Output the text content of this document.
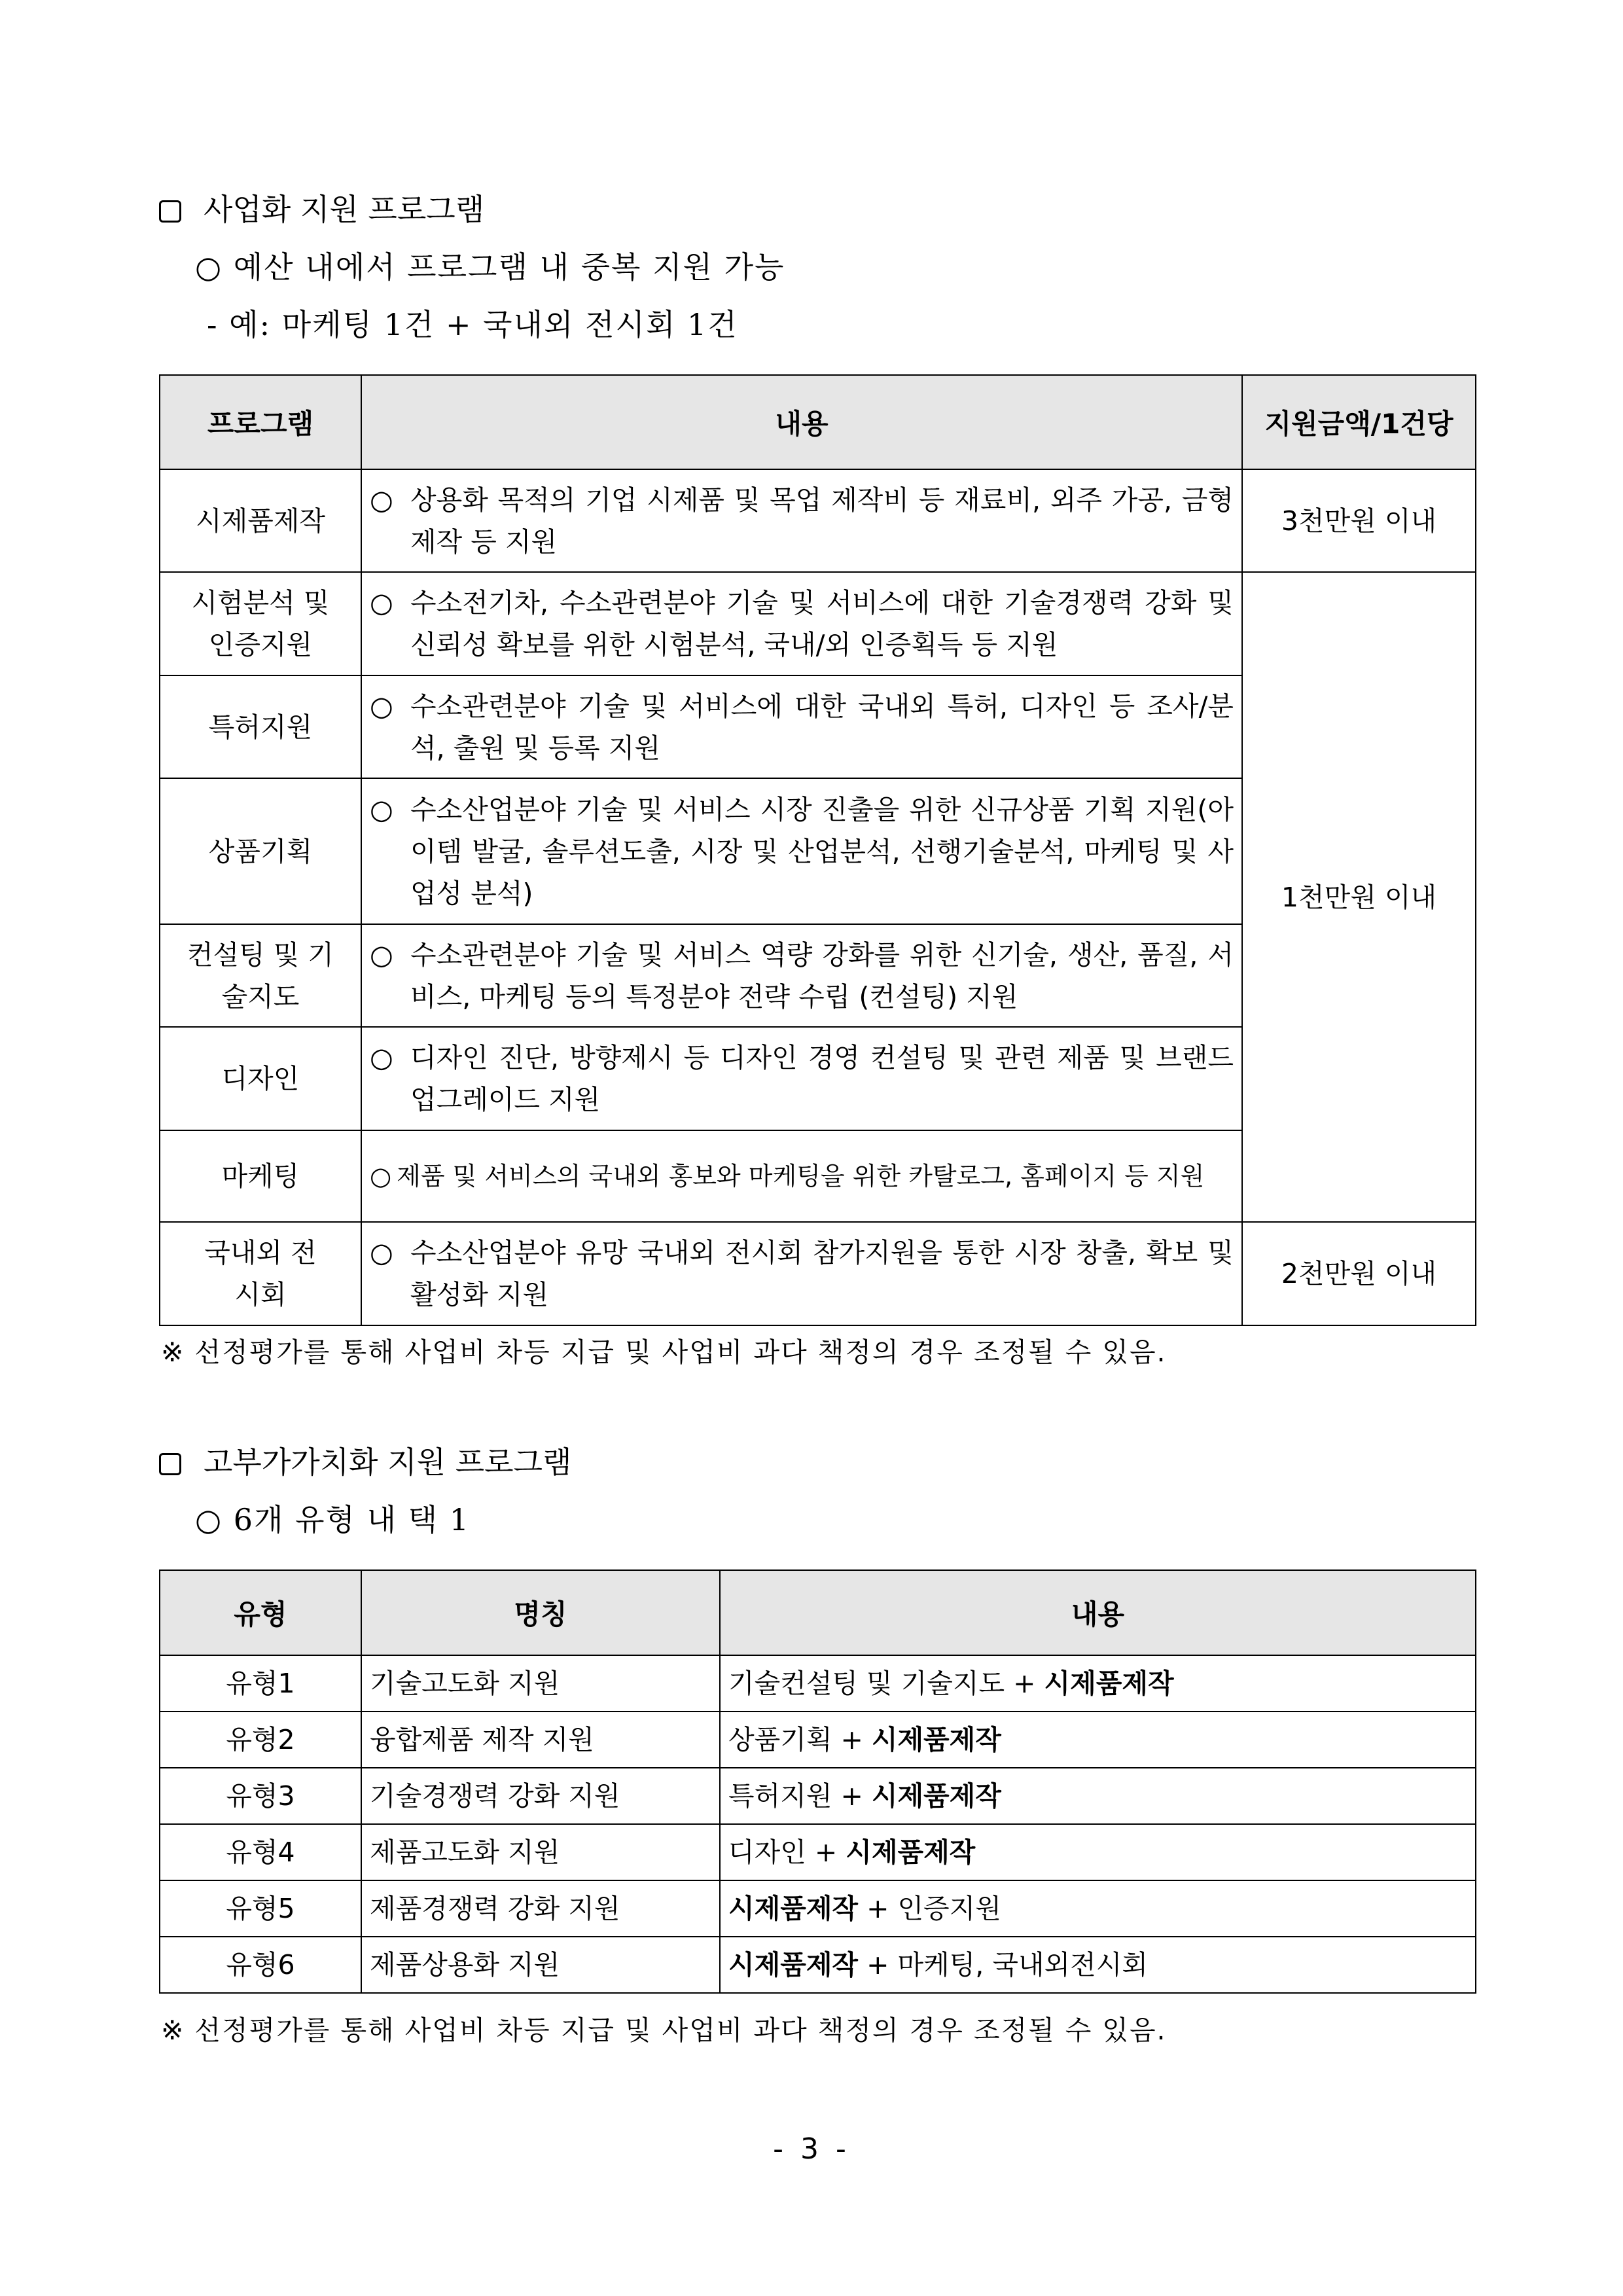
사업화 지원 프로그램
○ 예산 내에서 프로그램 내 중복 지원 가능
- 예: 마케팅 1건 + 국내외 전시회 1건
프로그램	내용	지원금액/1건당
시제품제작	○ 상용화 목적의 기업 시제품 및 목업 제작비 등 재료비, 외주 가공, 금형 제작 등 지원	3천만원 이내
시험분석 및 인증지원	○ 수소전기차, 수소관련분야 기술 및 서비스에 대한 기술경쟁력 강화 및 신뢰성 확보를 위한 시험분석, 국내/외 인증획득 등 지원	1천만원 이내
특허지원	○ 수소관련분야 기술 및 서비스에 대한 국내외 특허, 디자인 등 조사/분석, 출원 및 등록 지원	

상품기획	○ 수소산업분야 기술 및 서비스 시장 진출을 위한 신규상품 기획 지원(아이템 발굴, 솔루션도출, 시장 및 산업분석, 선행기술분석, 마케팅 및 사업성 분석)	

컨설팅 및 기술지도	○ 수소관련분야 기술 및 서비스 역량 강화를 위한 신기술, 생산, 품질, 서비스, 마케팅 등의 특정분야 전략 수립 (컨설팅) 지원	

디자인	○ 디자인 진단, 방향제시 등 디자인 경영 컨설팅 및 관련 제품 및 브랜드 업그레이드 지원	

마케팅	○ 제품 및 서비스의 국내외 홍보와 마케팅을 위한 카탈로그, 홈페이지 등 지원	

국내외 전시회	○ 수소산업분야 유망 국내외 전시회 참가지원을 통한 시장 창출, 확보 및 활성화 지원	2천만원 이내
※ 선정평가를 통해 사업비 차등 지급 및 사업비 과다 책정의 경우 조정될 수 있음.
고부가가치화 지원 프로그램
○ 6개 유형 내 택 1
유형	명칭	내용
유형1	기술고도화 지원	기술컨설팅 및 기술지도 + 시제품제작
유형2	융합제품 제작 지원	상품기획 + 시제품제작
유형3	기술경쟁력 강화 지원	특허지원 + 시제품제작
유형4	제품고도화 지원	디자인 + 시제품제작
유형5	제품경쟁력 강화 지원	시제품제작 + 인증지원
유형6	제품상용화 지원	시제품제작 + 마케팅, 국내외전시회
※ 선정평가를 통해 사업비 차등 지급 및 사업비 과다 책정의 경우 조정될 수 있음.
- 3 -
